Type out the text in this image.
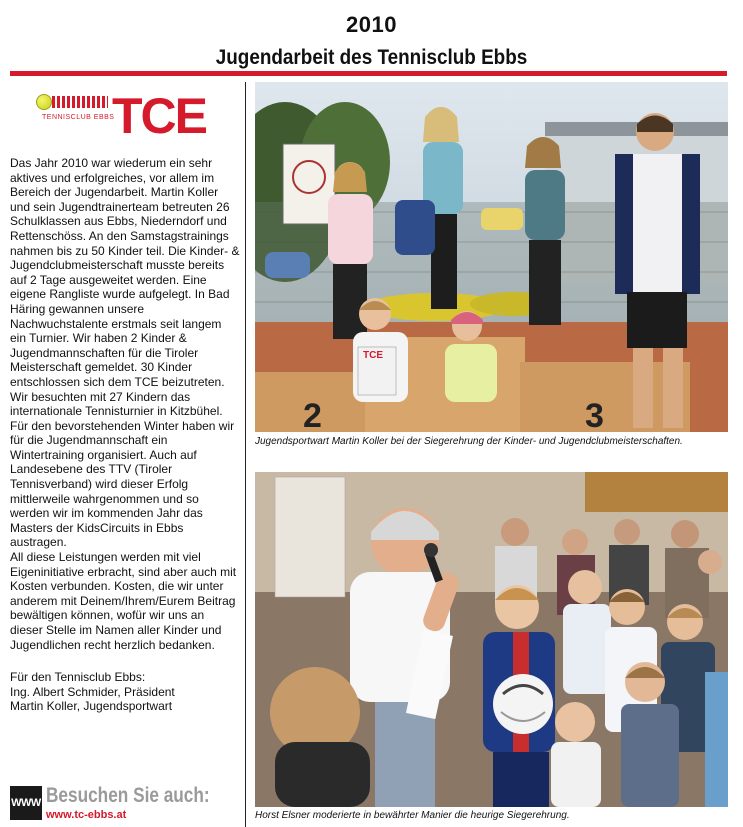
2010
Jugendarbeit des Tennisclub Ebbs
TENNISCLUB EBBS
TCE

Das Jahr 2010 war wiederum ein sehr aktives und erfolgreiches, vor allem im Bereich der Jugendarbeit. Martin Koller und sein Jugendtrainerteam betreuten 26 Schulklassen aus Ebbs, Niederndorf und Rettenschöss. An den Samstagstrainings nahmen bis zu 50 Kinder teil. Die Kinder- & Jugendclubmeisterschaft musste bereits auf 2 Tage ausgeweitet werden. Eine eigene Rangliste wurde aufgelegt. In Bad Häring gewannen unsere Nachwuchstalente erstmals seit langem ein Turnier. Wir haben 2 Kinder & Jugendmannschaften für die Tiroler Meisterschaft gemeldet. 30 Kinder entschlossen sich dem TCE beizutreten. Wir besuchten mit 27 Kindern das internationale Tennisturnier in Kitzbühel. Für den bevorstehenden Winter haben wir für die Jugendmannschaft ein Wintertraining organisiert. Auch auf Landesebene des TTV (Tiroler Tennisverband) wird dieser Erfolg mittlerweile wahrgenommen und so werden wir im kommenden Jahr das Masters der KidsCircuits in Ebbs austragen.

All diese Leistungen werden mit viel Eigeninitiative erbracht, sind aber auch mit Kosten verbunden. Kosten, die wir unter anderem mit Deinem/Ihrem/Eurem Beitrag bewältigen können, wofür wir uns an dieser Stelle im Namen aller Kinder und Jugendlichen recht herzlich bedanken.

Für den Tennisclub Ebbs:
Ing. Albert Schmider, Präsident
Martin Koller, Jugendsportwart
WWW Besuchen Sie auch:
www.tc-ebbs.at
2	3
TCE
Jugendsportwart Martin Koller bei der Siegerehrung der Kinder- und Jugendclubmeisterschaften.
Horst Elsner moderierte in bewährter Manier die heurige Siegerehrung.
